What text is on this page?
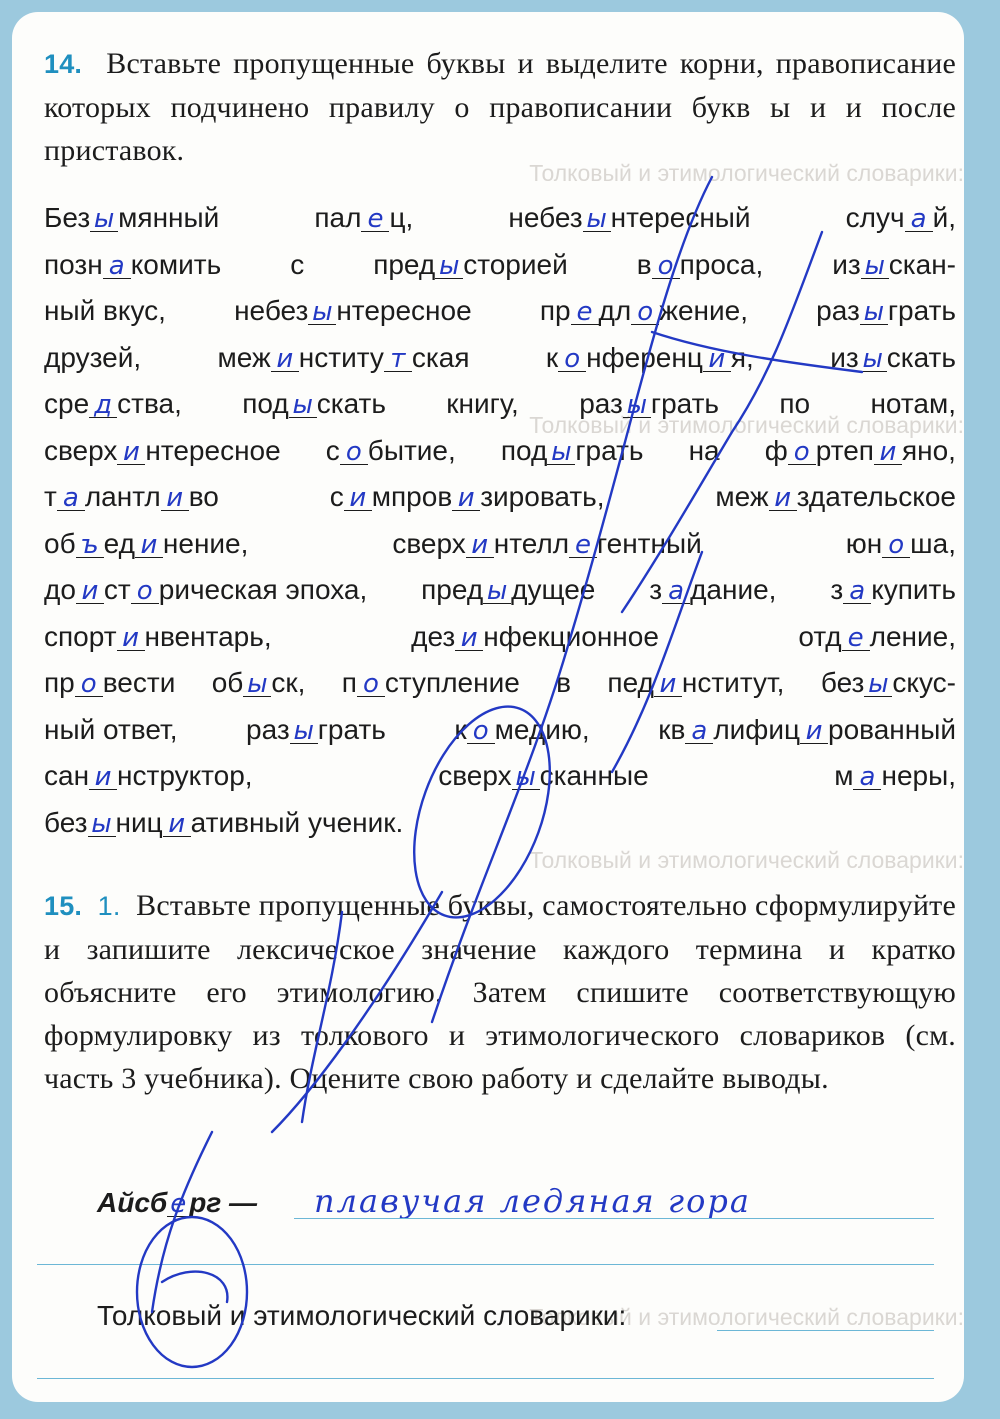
Толковый и этимологический словарики:
Толковый и этимологический словарики:
Толковый и этимологический словарики:
Толковый и этимологический словарики:

14. Вставьте пропущенные буквы и выделите корни, правописание которых подчинено правилу о правописании букв ы и и после приставок.

Без ы мянный	пал е ц,	небез ы нтересный	случ а й,
позн а комить с пред ы сторией в о проса, из ы скан-
ный вкус, небез ы нтересное пр е дл о жение, раз ы грать
друзей,	меж и нститу т ская	к о нференц и я,	из ы скать
сре д ства, под ы скать книгу, раз ы грать по нотам,
сверх и нтересное с о бытие, под ы грать на ф о ртеп и яно,
т а лантл и во	с и мпров и зировать,	меж и здательское
об ъ ед и нение,	сверх и нтелл е гентный	юн о ша,
до и ст о рическая эпоха, пред ы дущее з а дание, з а купить
спорт и нвентарь,	дез и нфекционное	отд е ление,
пр о вести об ы ск, п о ступление в пед и нститут, без ы скус-
ный ответ, раз ы грать к о медию, кв а лифиц и рованный
сан и нструктор,	сверх ы сканные	м а неры,
без ы ниц и ативный ученик.

15. 1. Вставьте пропущенные буквы, самостоятельно сформулируйте и запишите лексическое значение каждого термина и кратко объясните его этимологию. Затем спишите соответствующую формулировку из толкового и этимологического словариков (см. часть 3 учебника). Оцените свою работу и сделайте выводы.

Айсб е рг — плавучая ледяная гора
Толковый и этимологический словарики:
